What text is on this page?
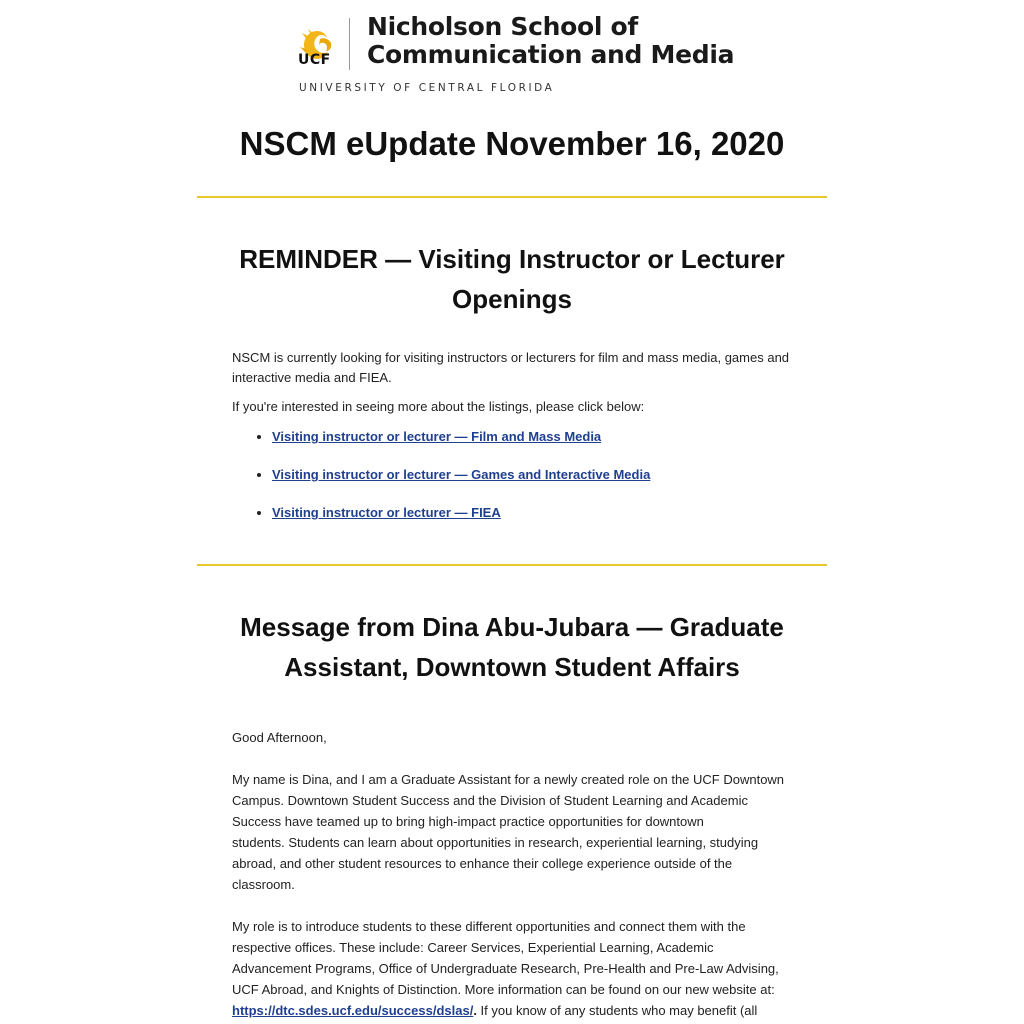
UCF
Nicholson School of
Communication and Media
UNIVERSITY OF CENTRAL FLORIDA
NSCM eUpdate November 16, 2020
REMINDER — Visiting Instructor or Lecturer
Openings

NSCM is currently looking for visiting instructors or lecturers for film and mass media, games and interactive media and FIEA.

If you're interested in seeing more about the listings, please click below:

• Visiting instructor or lecturer — Film and Mass Media
• Visiting instructor or lecturer — Games and Interactive Media
• Visiting instructor or lecturer — FIEA
Message from Dina Abu-Jubara — Graduate
Assistant, Downtown Student Affairs

Good Afternoon,

My name is Dina, and I am a Graduate Assistant for a newly created role on the UCF Downtown
Campus. Downtown Student Success and the Division of Student Learning and Academic
Success have teamed up to bring high-impact practice opportunities for downtown
students. Students can learn about opportunities in research, experiential learning, studying
abroad, and other student resources to enhance their college experience outside of the
classroom.

My role is to introduce students to these different opportunities and connect them with the
respective offices. These include: Career Services, Experiential Learning, Academic
Advancement Programs, Office of Undergraduate Research, Pre-Health and Pre-Law Advising,
UCF Abroad, and Knights of Distinction. More information can be found on our new website at:
https://dtc.sdes.ucf.edu/success/dslas/. If you know of any students who may benefit (all
